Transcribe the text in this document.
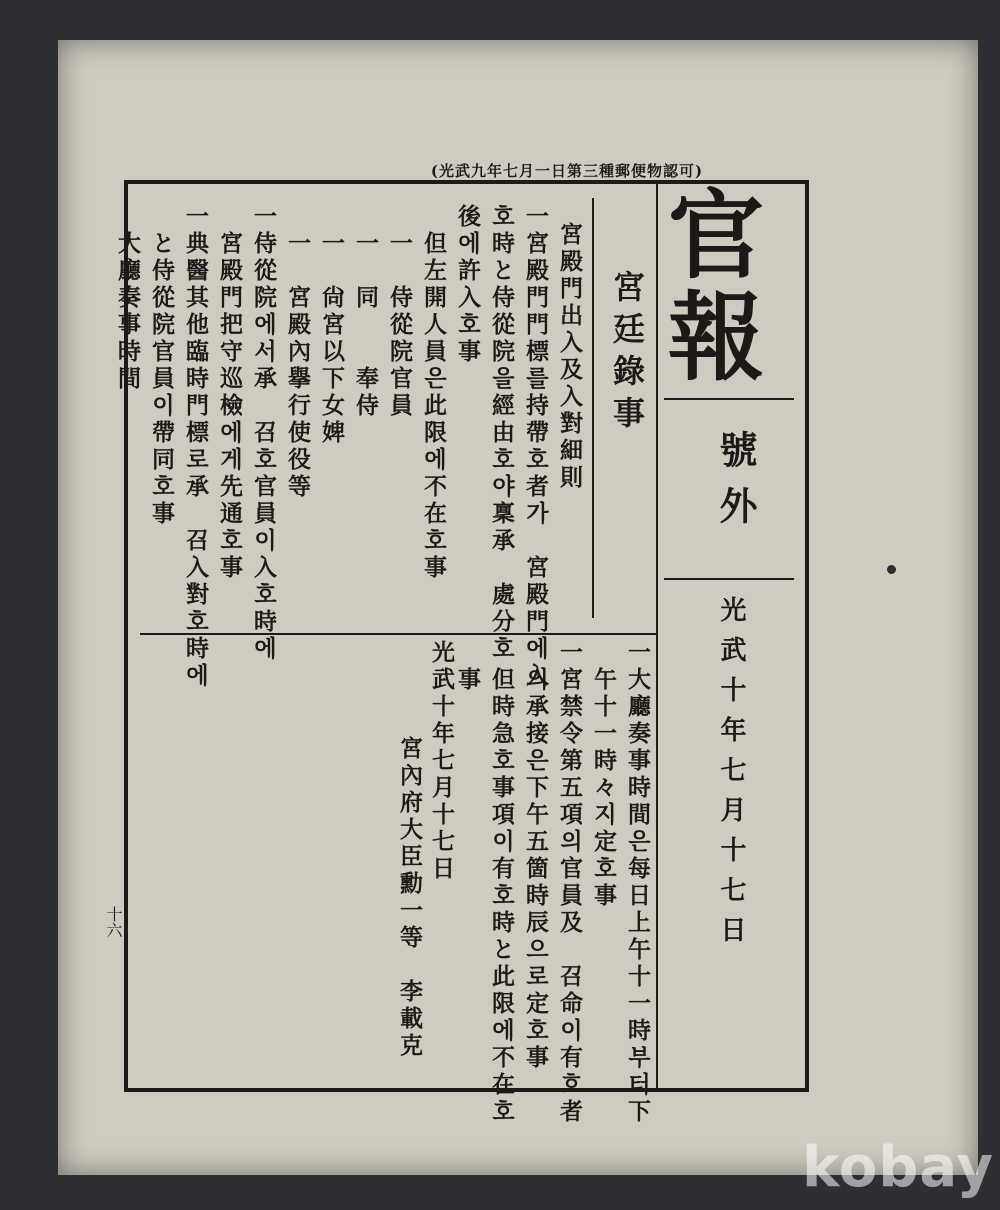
(光武九年七月一日第三種郵便物認可)
官
報
號外
光武十年七月十七日
宮廷錄事
宮殿門出入及入對細則
一宮殿門門標를持帶호者가　宮殿門에入
호時と侍從院을經由호야稟承　處分호
後에許入호事
　但左開人員은此限에不在호事
　一　侍從院官員
　一　同　　奉侍
　一　尙宮以下女婢
　一　宮殿內擧行使役等
一侍從院에서承　召호官員이入호時에
　宮殿門把守巡檢에게先通호事
一典醫其他臨時門標로承　召入對호時에
　と侍從院官員이帶同호事
　大廳奏事時間
一大廳奏事時間은每日上午十一時부터下
　午十一時々지定호事
一宮禁令第五項의官員及　召命이有호者
　의承接은下午五箇時辰으로定호事
　但時急호事項이有호時と此限에不在호
　事
光武十年七月十七日
宮內府大臣勳一等　李載克
十六
kobay
